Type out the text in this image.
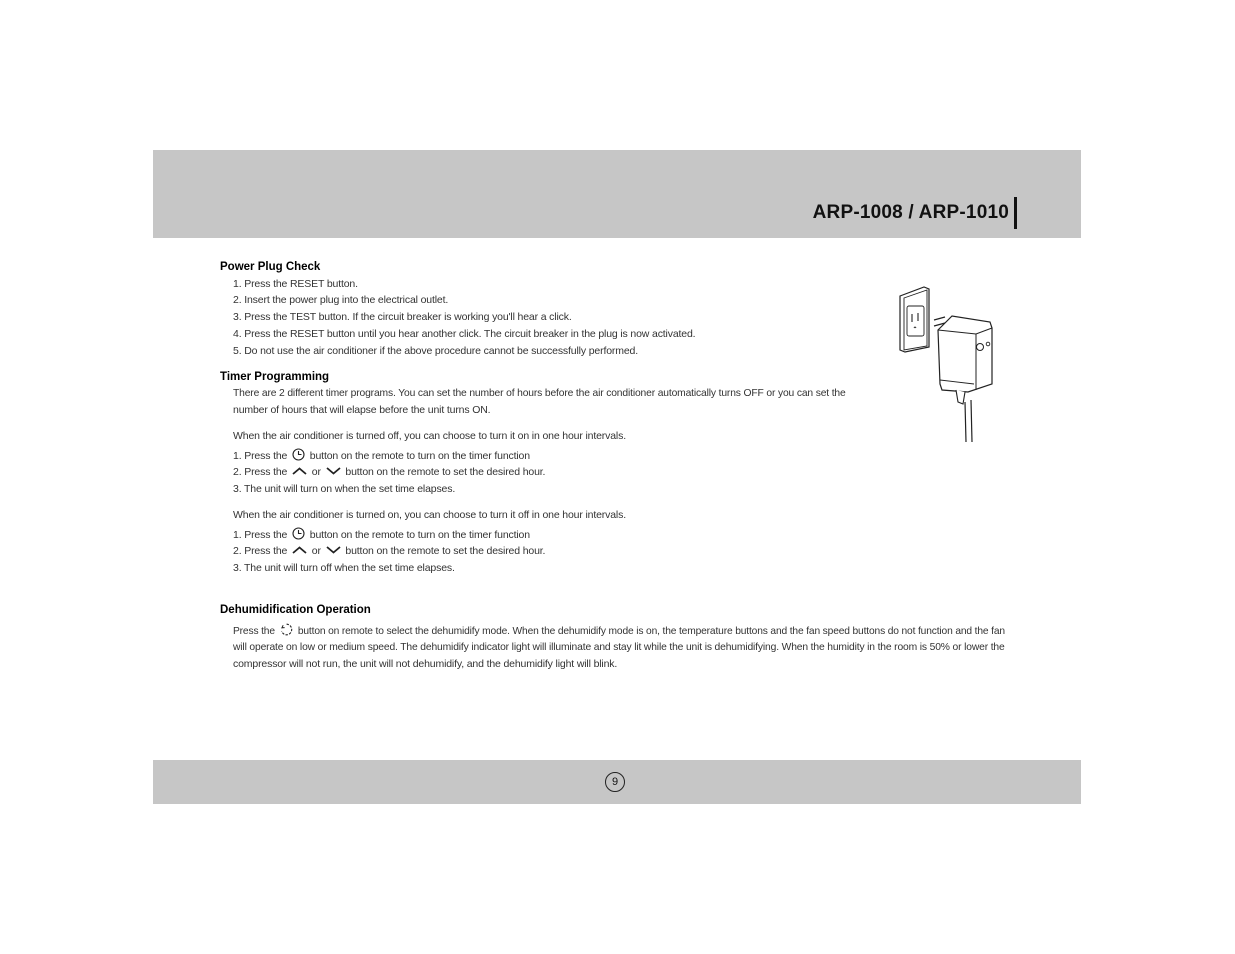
ARP-1008 / ARP-1010
Power Plug Check
1. Press the RESET button.
2. Insert the power plug into the electrical outlet.
3. Press the TEST button. If the circuit breaker is working you'll hear a click.
4. Press the RESET button until you hear another click. The circuit breaker in the plug is now activated.
5. Do not use the air conditioner if the above procedure cannot be successfully performed.
Timer Programming
There are 2 different timer programs. You can set the number of hours before the air conditioner automatically turns OFF or you can set the
number of hours that will elapse before the unit turns ON.
When the air conditioner is turned off, you can choose to turn it on in one hour intervals.
1. Press the button on the remote to turn on the timer function
2. Press the or button on the remote to set the desired hour.
3. The unit will turn on when the set time elapses.
When the air conditioner is turned on, you can choose to turn it off in one hour intervals.
1. Press the button on the remote to turn on the timer function
2. Press the or button on the remote to set the desired hour.
3. The unit will turn off when the set time elapses.
Dehumidification Operation
Press the button on remote to select the dehumidify mode. When the dehumidify mode is on, the temperature buttons and the fan speed buttons do not function and the fan
will operate on low or medium speed. The dehumidify indicator light will illuminate and stay lit while the unit is dehumidifying. When the humidity in the room is 50% or lower the
compressor will not run, the unit will not dehumidify, and the dehumidify light will blink.
9
